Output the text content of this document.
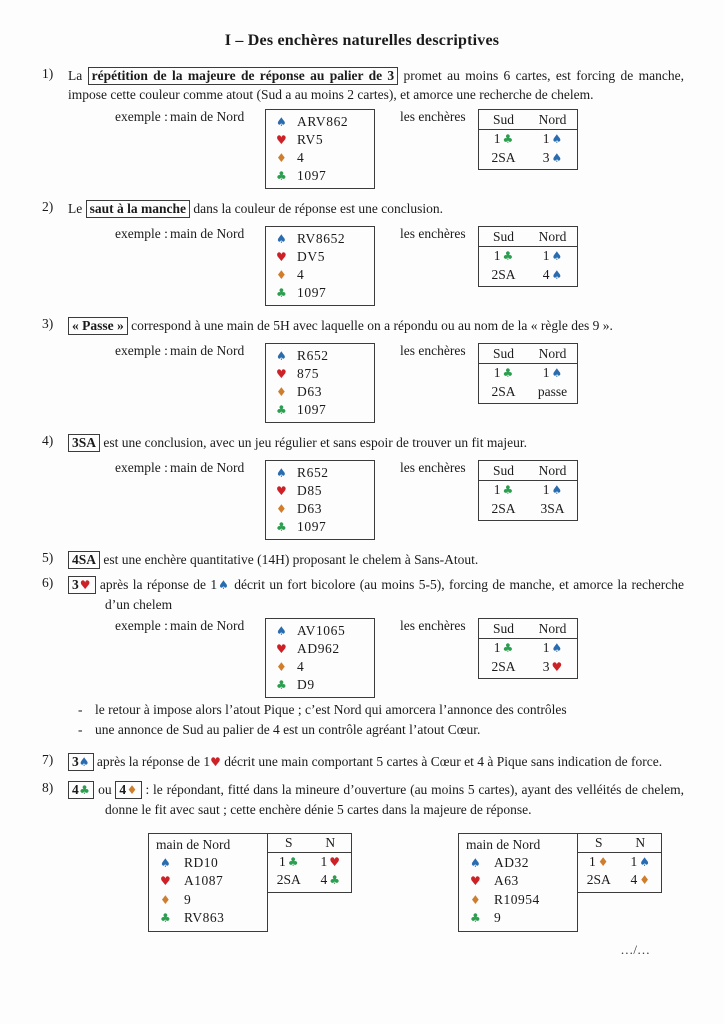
I – Des enchères naturelles descriptives
1)	La répétition de la majeure de réponse au palier de 3 promet au moins 6 cartes, est forcing de manche, impose cette couleur comme atout (Sud a au moins 2 cartes), et amorce une recherche de chelem.
exemple : main de Nord	♠ ARV862
♥ RV5
♦ 4
♣ 1097
les enchères	Sud	Nord
1 ♣	1 ♠
2SA	3 ♠
2)	Le saut à la manche dans la couleur de réponse est une conclusion.
exemple : main de Nord	♠ RV8652
♥ DV5
♦ 4
♣ 1097
les enchères	Sud	Nord
1 ♣	1 ♠
2SA	4 ♠
3)	« Passe » correspond à une main de 5H avec laquelle on a répondu ou au nom de la « règle des 9 ».
exemple : main de Nord	♠ R652
♥ 875
♦ D63
♣ 1097
les enchères	Sud	Nord
1 ♣	1 ♠
2SA	passe
4)	3SA est une conclusion, avec un jeu régulier et sans espoir de trouver un fit majeur.
exemple : main de Nord	♠ R652
♥ D85
♦ D63
♣ 1097
les enchères	Sud	Nord
1 ♣	1 ♠
2SA	3SA
5)	4SA est une enchère quantitative (14H) proposant le chelem à Sans-Atout.
6)	3♥ après la réponse de 1♠ décrit un fort bicolore (au moins 5-5), forcing de manche, et amorce la recherche d’un chelem
exemple : main de Nord	♠ AV1065
♥ AD962
♦ 4
♣ D9
les enchères	Sud	Nord
1 ♣	1 ♠
2SA	3 ♥
- le retour à impose alors l’atout Pique ; c’est Nord qui amorcera l’annonce des contrôles
- une annonce de Sud au palier de 4 est un contrôle agréant l’atout Cœur.
7)	3♠ après la réponse de 1♥ décrit une main comportant 5 cartes à Cœur et 4 à Pique sans indication de force.
8)	4♣ ou 4♦ : le répondant, fitté dans la mineure d’ouverture (au moins 5 cartes), ayant des velléités de chelem, donne le fit avec saut ; cette enchère dénie 5 cartes dans la majeure de réponse.
main de Nord
♠ RD10
♥ A1087
♦ 9
♣ RV863
S	N
1 ♣	1 ♥
2SA	4 ♣
main de Nord
♠ AD32
♥ A63
♦ R10954
♣ 9
S	N
1 ♦	1 ♠
2SA	4 ♦
…/…
